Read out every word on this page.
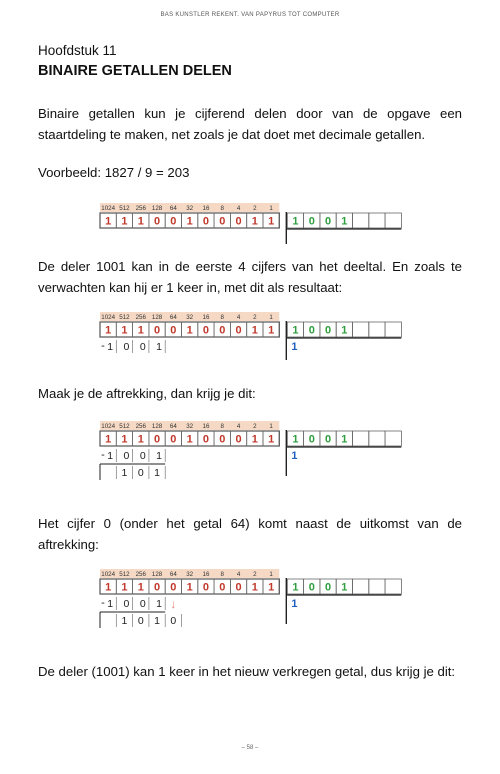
BAS KUNSTLER REKENT. VAN PAPYRUS TOT COMPUTER
Hoofdstuk 11
BINAIRE GETALLEN DELEN
Binaire getallen kun je cijferend delen door van de opgave een staartdeling te maken, net zoals je dat doet met decimale getallen.
Voorbeeld: 1827 / 9 = 203
1024 512 256 128 64 32 16 8 4 2 1
1 1 1 0 0 1 0 0 0 1 1 1 0 0 1
De deler 1001 kan in de eerste 4 cijfers van het deeltal. En zoals te verwachten kan hij er 1 keer in, met dit als resultaat:
1024 512 256 128 64 32 16 8 4 2 1
1 1 1 0 0 1 0 0 0 1 1 1 0 0 1
1
- 1 0 0 1
Maak je de aftrekking, dan krijg je dit:
1024 512 256 128 64 32 16 8 4 2 1
1 1 1 0 0 1 0 0 0 1 1 1 0 0 1
1
- 1 0 0 1
1 0 1
Het cijfer 0 (onder het getal 64) komt naast de uitkomst van de aftrekking:
1024 512 256 128 64 32 16 8 4 2 1
1 1 1 0 0 1 0 0 0 1 1 1 0 0 1
1
- 1 0 0 1
1 0 1 0
↓
De deler (1001) kan 1 keer in het nieuw verkregen getal, dus krijg je dit:
– 58 –
